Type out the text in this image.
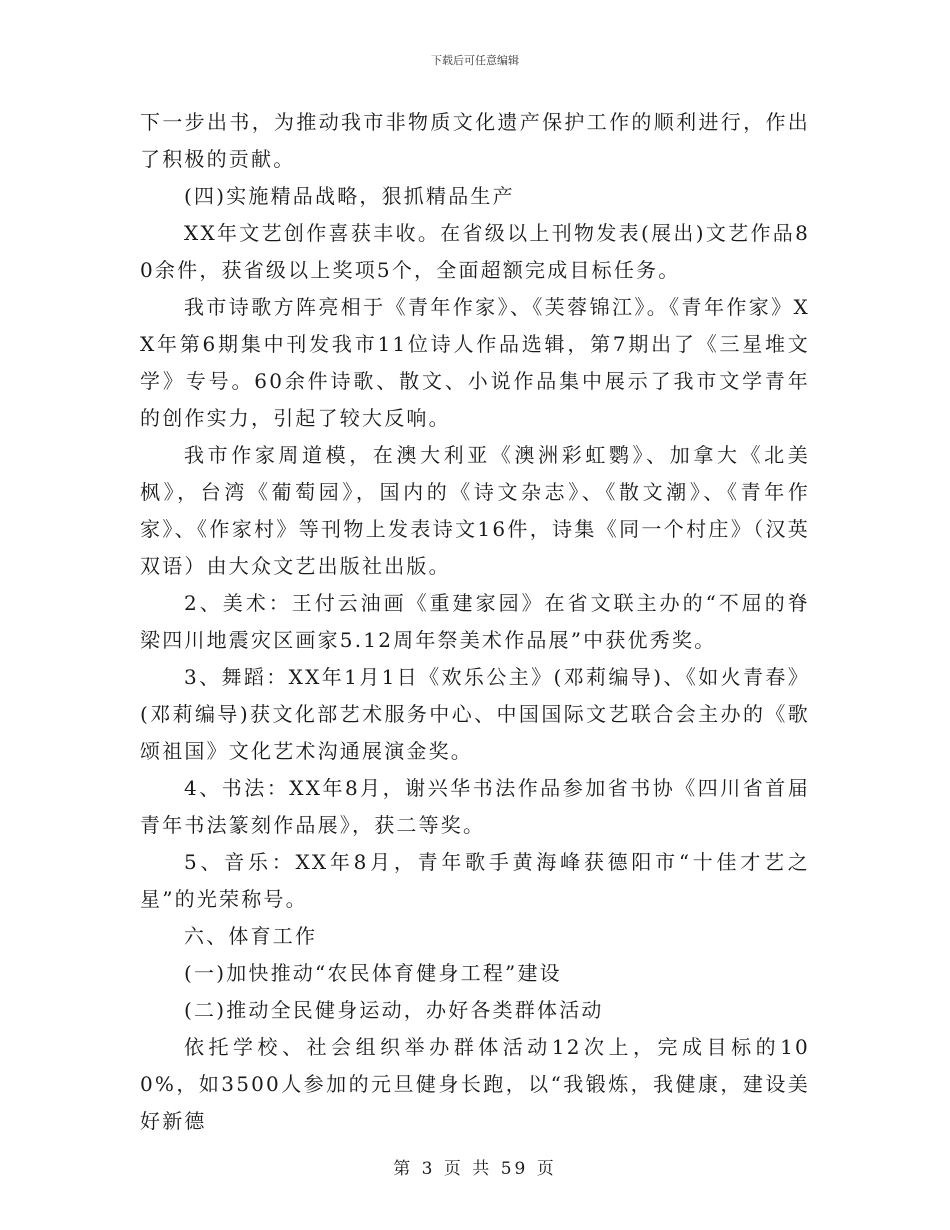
下载后可任意编辑

下一步出书，为推动我市非物质文化遗产保护工作的顺利进行，作出了积极的贡献。

(四)实施精品战略，狠抓精品生产

XX年文艺创作喜获丰收。在省级以上刊物发表(展出)文艺作品80余件，获省级以上奖项5个，全面超额完成目标任务。

我市诗歌方阵亮相于《青年作家》、《芙蓉锦江》。《青年作家》XX年第6期集中刊发我市11位诗人作品选辑，第7期出了《三星堆文学》专号。60余件诗歌、散文、小说作品集中展示了我市文学青年的创作实力，引起了较大反响。

我市作家周道模，在澳大利亚《澳洲彩虹鹦》、加拿大《北美枫》，台湾《葡萄园》，国内的《诗文杂志》、《散文潮》、《青年作家》、《作家村》等刊物上发表诗文16件，诗集《同一个村庄》（汉英双语）由大众文艺出版社出版。

2、美术：王付云油画《重建家园》在省文联主办的“不屈的脊梁四川地震灾区画家5.12周年祭美术作品展”中获优秀奖。

3、舞蹈：XX年1月1日《欢乐公主》(邓莉编导)、《如火青春》(邓莉编导)获文化部艺术服务中心、中国国际文艺联合会主办的《歌颂祖国》文化艺术沟通展演金奖。

4、书法：XX年8月，谢兴华书法作品参加省书协《四川省首届青年书法篆刻作品展》，获二等奖。

5、音乐：XX年8月，青年歌手黄海峰获德阳市“十佳才艺之星”的光荣称号。

六、体育工作

(一)加快推动“农民体育健身工程”建设

(二)推动全民健身运动，办好各类群体活动

依托学校、社会组织举办群体活动12次上，完成目标的100%，如3500人参加的元旦健身长跑，以“我锻炼，我健康，建设美好新德

第 3 页 共 59 页
